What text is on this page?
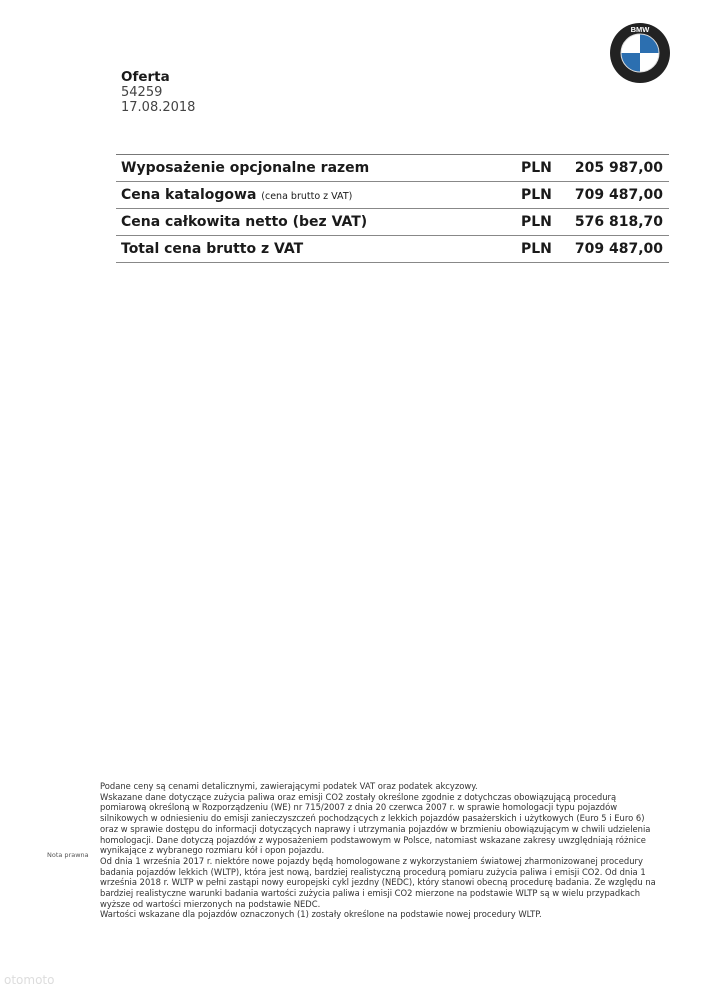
BMW
Oferta
54259
17.08.2018
Wyposażenie opcjonalne razem	PLN 205 987,00
Cena katalogowa (cena brutto z VAT)	PLN 709 487,00
Cena całkowita netto (bez VAT)	PLN 576 818,70
Total cena brutto z VAT	PLN 709 487,00
Nota prawna

Podane ceny są cenami detalicznymi, zawierającymi podatek VAT oraz podatek akcyzowy.

Wskazane dane dotyczące zużycia paliwa oraz emisji CO2 zostały określone zgodnie z dotychczas obowiązującą procedurą pomiarową określoną w Rozporządzeniu (WE) nr 715/2007 z dnia 20 czerwca 2007 r. w sprawie homologacji typu pojazdów silnikowych w odniesieniu do emisji zanieczyszczeń pochodzących z lekkich pojazdów pasażerskich i użytkowych (Euro 5 i Euro 6) oraz w sprawie dostępu do informacji dotyczących naprawy i utrzymania pojazdów w brzmieniu obowiązującym w chwili udzielenia homologacji. Dane dotyczą pojazdów z wyposażeniem podstawowym w Polsce, natomiast wskazane zakresy uwzględniają różnice wynikające z wybranego rozmiaru kół i opon pojazdu.

Od dnia 1 września 2017 r. niektóre nowe pojazdy będą homologowane z wykorzystaniem światowej zharmonizowanej procedury badania pojazdów lekkich (WLTP), która jest nową, bardziej realistyczną procedurą pomiaru zużycia paliwa i emisji CO2. Od dnia 1 września 2018 r. WLTP w pełni zastąpi nowy europejski cykl jezdny (NEDC), który stanowi obecną procedurę badania. Ze względu na bardziej realistyczne warunki badania wartości zużycia paliwa i emisji CO2 mierzone na podstawie WLTP są w wielu przypadkach wyższe od wartości mierzonych na podstawie NEDC.

Wartości wskazane dla pojazdów oznaczonych (1) zostały określone na podstawie nowej procedury WLTP.

otomoto
